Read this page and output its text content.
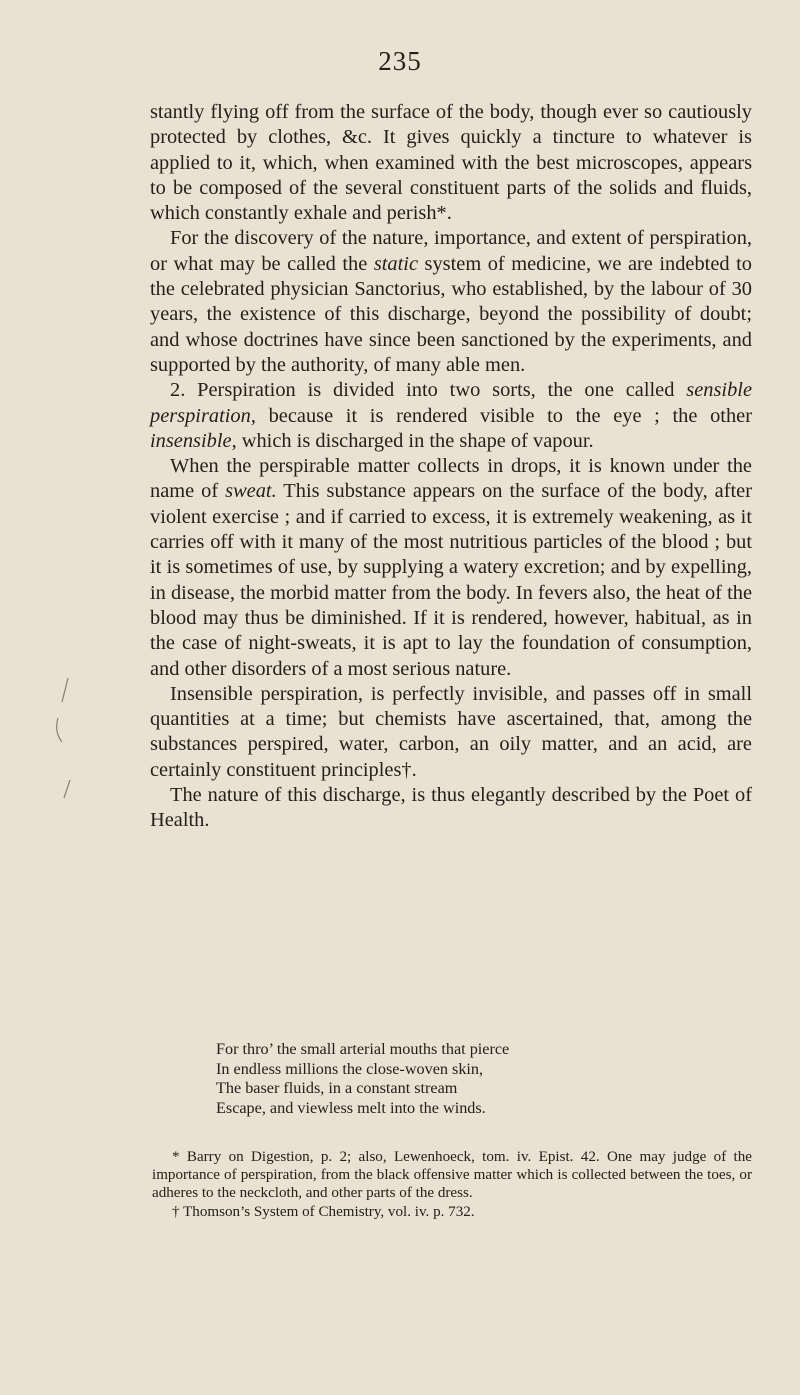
235

stantly flying off from the surface of the body, though ever so cautiously protected by clothes, &c. It gives quickly a tincture to whatever is applied to it, which, when examined with the best microscopes, appears to be composed of the several constituent parts of the solids and fluids, which constantly exhale and perish*.

For the discovery of the nature, importance, and extent of perspiration, or what may be called the static system of medicine, we are indebted to the celebrated physician Sanctorius, who established, by the labour of 30 years, the existence of this discharge, beyond the possibility of doubt; and whose doctrines have since been sanctioned by the experiments, and supported by the authority, of many able men.

2. Perspiration is divided into two sorts, the one called sensible perspiration, because it is rendered visible to the eye ; the other insensible, which is discharged in the shape of vapour.

When the perspirable matter collects in drops, it is known under the name of sweat. This substance appears on the surface of the body, after violent exercise ; and if carried to excess, it is extremely weakening, as it carries off with it many of the most nutritious particles of the blood ; but it is sometimes of use, by supplying a watery excretion; and by expelling, in disease, the morbid matter from the body. In fevers also, the heat of the blood may thus be diminished. If it is rendered, however, habitual, as in the case of night-sweats, it is apt to lay the foundation of consumption, and other disorders of a most serious nature.

Insensible perspiration, is perfectly invisible, and passes off in small quantities at a time; but chemists have ascertained, that, among the substances perspired, water, carbon, an oily matter, and an acid, are certainly constituent principles†.

The nature of this discharge, is thus elegantly described by the Poet of Health.

For thro’ the small arterial mouths that pierce
In endless millions the close-woven skin,
The baser fluids, in a constant stream
Escape, and viewless melt into the winds.

* Barry on Digestion, p. 2; also, Lewenhoeck, tom. iv. Epist. 42. One may judge of the importance of perspiration, from the black offensive matter which is collected between the toes, or adheres to the neckcloth, and other parts of the dress.

† Thomson’s System of Chemistry, vol. iv. p. 732.
